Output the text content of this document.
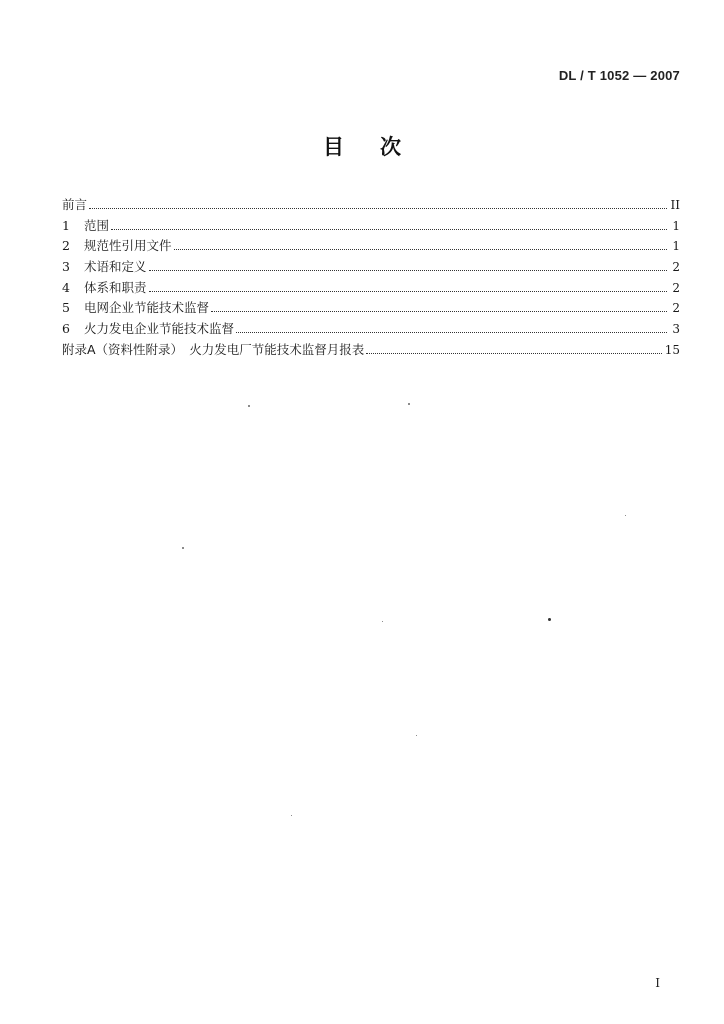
DL / T 1052 — 2007
目次
前言	II
1	范围	1
2	规范性引用文件	1
3	术语和定义	2
4	体系和职责	2
5	电网企业节能技术监督	2
6	火力发电企业节能技术监督	3
附录A（资料性附录）　火力发电厂节能技术监督月报表	15
I
